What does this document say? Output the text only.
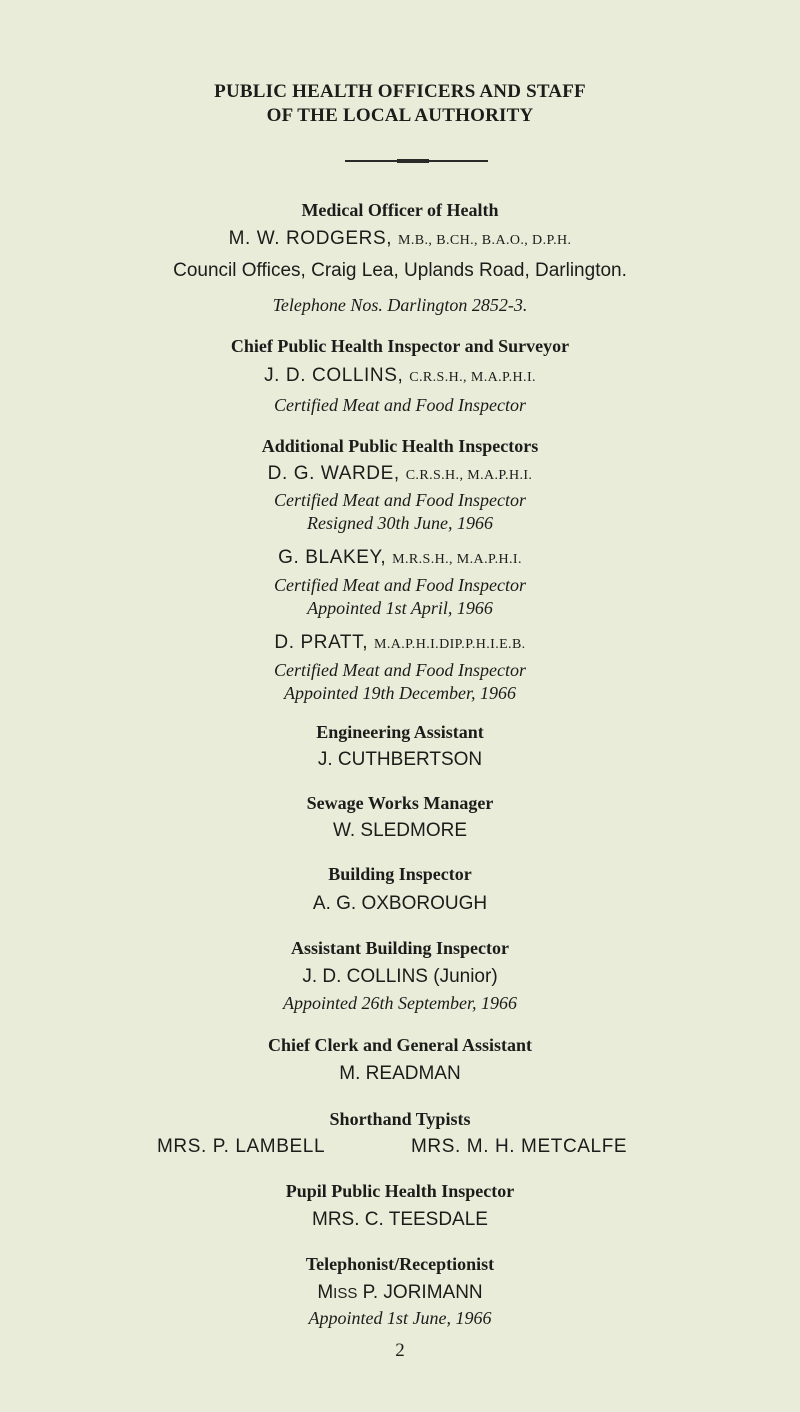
PUBLIC HEALTH OFFICERS AND STAFF
OF THE LOCAL AUTHORITY
Medical Officer of Health
M. W. RODGERS, M.B., B.CH., B.A.O., D.P.H.
Council Offices, Craig Lea, Uplands Road, Darlington.
Telephone Nos. Darlington 2852-3.
Chief Public Health Inspector and Surveyor
J. D. COLLINS, C.R.S.H., M.A.P.H.I.
Certified Meat and Food Inspector
Additional Public Health Inspectors
D. G. WARDE, C.R.S.H., M.A.P.H.I.
Certified Meat and Food Inspector
Resigned 30th June, 1966
G. BLAKEY, M.R.S.H., M.A.P.H.I.
Certified Meat and Food Inspector
Appointed 1st April, 1966
D. PRATT, M.A.P.H.I.DIP.P.H.I.E.B.
Certified Meat and Food Inspector
Appointed 19th December, 1966
Engineering Assistant
J. CUTHBERTSON
Sewage Works Manager
W. SLEDMORE
Building Inspector
A. G. OXBOROUGH
Assistant Building Inspector
J. D. COLLINS (Junior)
Appointed 26th September, 1966
Chief Clerk and General Assistant
M. READMAN
Shorthand Typists
MRS. P. LAMBELL	MRS. M. H. METCALFE
Pupil Public Health Inspector
MRS. C. TEESDALE
Telephonist/Receptionist
MISS P. JORIMANN
Appointed 1st June, 1966
2
